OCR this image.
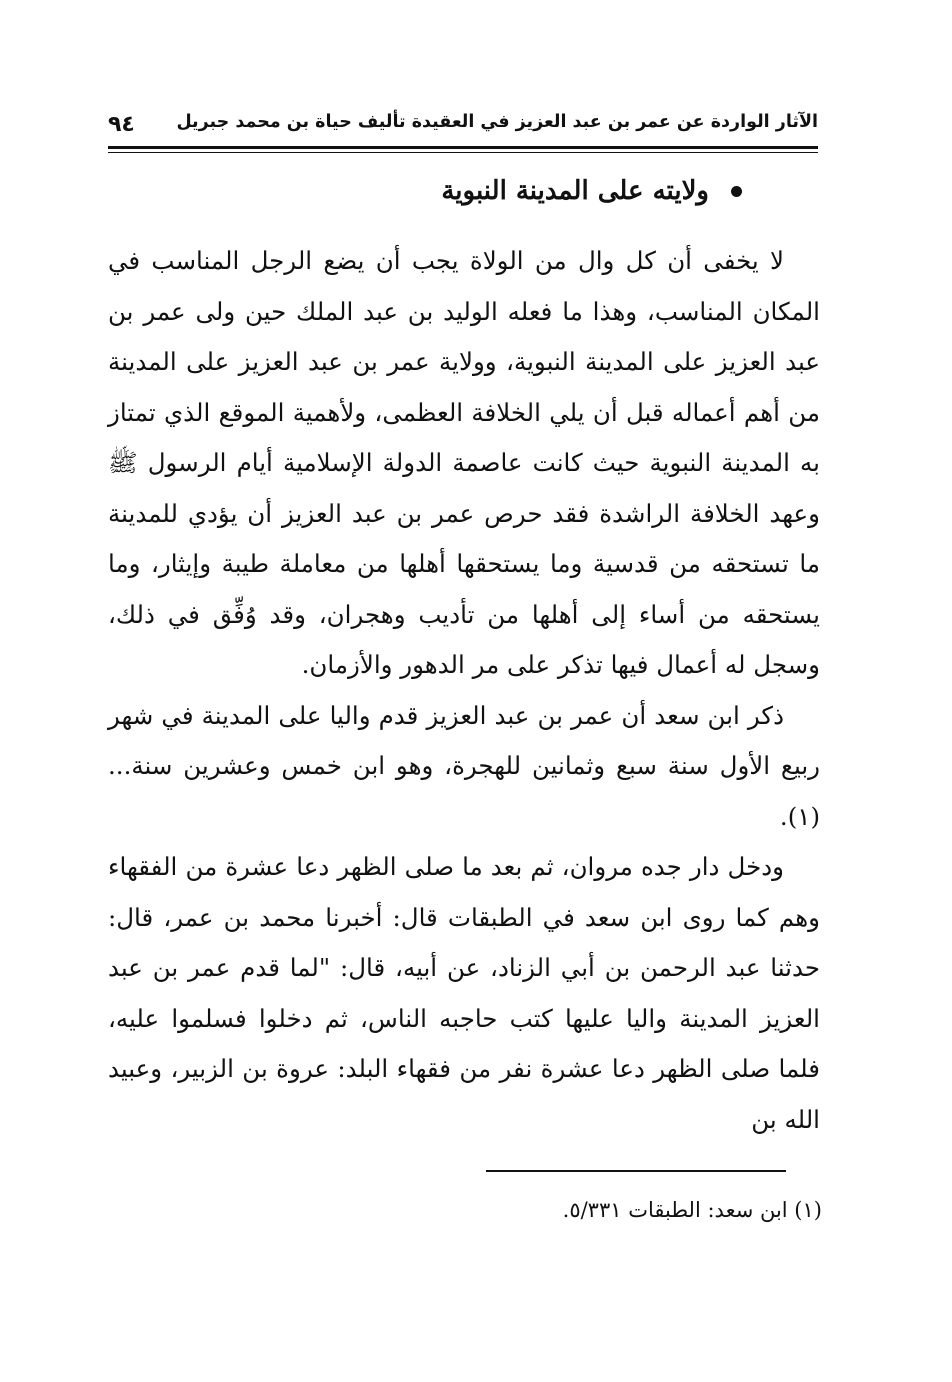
الآثار الواردة عن عمر بن عبد العزيز في العقيدة تأليف حياة بن محمد جبريل
٩٤
ولايته على المدينة النبوية

لا يخفى أن كل وال من الولاة يجب أن يضع الرجل المناسب في المكان المناسب، وهذا ما فعله الوليد بن عبد الملك حين ولى عمر بن عبد العزيز على المدينة النبوية، وولاية عمر بن عبد العزيز على المدينة من أهم أعماله قبل أن يلي الخلافة العظمى، ولأهمية الموقع الذي تمتاز به المدينة النبوية حيث كانت عاصمة الدولة الإسلامية أيام الرسول ﷺ وعهد الخلافة الراشدة فقد حرص عمر بن عبد العزيز أن يؤدي للمدينة ما تستحقه من قدسية وما يستحقها أهلها من معاملة طيبة وإيثار، وما يستحقه من أساء إلى أهلها من تأديب وهجران، وقد وُفِّق في ذلك، وسجل له أعمال فيها تذكر على مر الدهور والأزمان.

ذكر ابن سعد أن عمر بن عبد العزيز قدم واليا على المدينة في شهر ربيع الأول سنة سبع وثمانين للهجرة، وهو ابن خمس وعشرين سنة...(١).

ودخل دار جده مروان، ثم بعد ما صلى الظهر دعا عشرة من الفقهاء وهم كما روى ابن سعد في الطبقات قال: أخبرنا محمد بن عمر، قال: حدثنا عبد الرحمن بن أبي الزناد، عن أبيه، قال: "لما قدم عمر بن عبد العزيز المدينة واليا عليها كتب حاجبه الناس، ثم دخلوا فسلموا عليه، فلما صلى الظهر دعا عشرة نفر من فقهاء البلد: عروة بن الزبير، وعبيد الله بن

(١) ابن سعد: الطبقات ٥/٣٣١.
